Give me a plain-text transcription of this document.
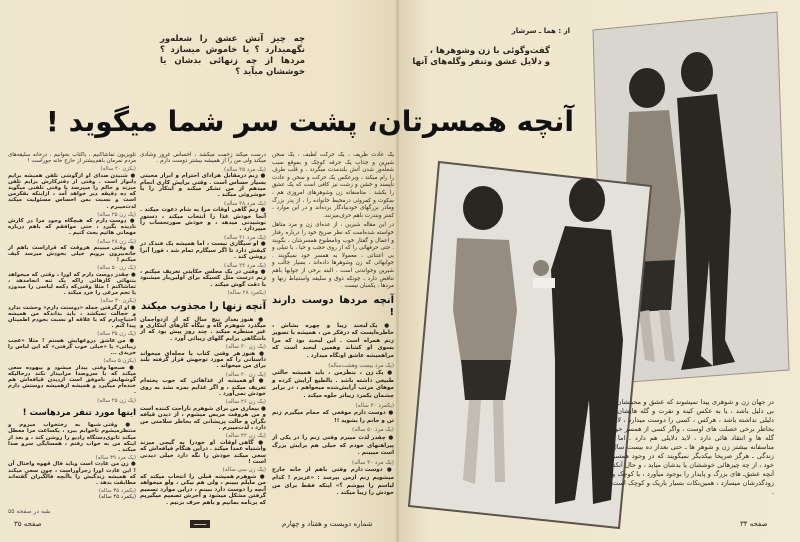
از : هما ـ سرشار
گفت‌وگوئی با زن وشوهرها ،
و دلایل عشق وتنفر وگله‌های آنها
چه چیز آتش عشق را شعله‌ور نگهمیدارد ؟ یا خاموش میسازد ؟ مردها از چه زنهائی بدشان یا خوششان میآید ؟
آنچه همسرتان، پشت سر شما میگوید !
یک عادت ظریف ، یک حرکت لطیف ، یک سخن شیرین و جذاب یک جرقه کوچک و بموقع سبب شعله‌ور شدن آتش بلندمدت میگردد ، و قلب طرف را رام میکند ، وبرعکس یک حرکت و سخن و عادت ناپسند و خشن و زشت نیز کافی است که یک عشق را بکشد . متاسفانه زن وشوهرهای امروزی هم ، سکوت و کمروئی درمحیط خانواده را ، از پدر بزرگ ومادر بزرگهای خودبیادگار برده‌اند و در این موارد ، کمتر وبندرت باهم حرف‌میزنند.
در این مقاله شیرین ، از عده‌ای زن و مرد متاهل خواسته شده‌است که نظر صریح خود را درباره رفتار و اعمال و گفتار خوب ونامطبوع همسرشان ، بگویند . حتی حرفهائی را که از روی حجب و حیا ، یا تنبلی و بی اعتنائی ، معمولا به همسر خود نمیگویند . جوابهائی که زن وشوهرها داده‌اند ، بسیار جالب و شیرین وخواندنی است . البته برخی از جوابها باهم تناقض دارد ، چونکه ذوق و سلیقه واستنباط زنها و مردها ، یکسان نیست .
آنچه مردها دوست دارند !
● یک لبخند زیبا و چهره بشاش ، خاطره‌ایست که درفکر من ، همیشه با تصویر زنم همراه است . این لبخند بود که مرا بسوی او کشاند وهمین لبخند است که مراهمیشه عاشق اونگاه میدارد .
(یک مرد بیست وهشت‌ساله)
● یک زن ، بنظرمن ، باید همیشه حالتی طبیعی داشته باشد . بالطبع آرایش کرده و موهای مرتب آرایش‌شده میخواهم ، در برابر چشمان یکمرد زیباتر جلوه میکند .
(یکمرد ۴۰ ساله)
● دوست دارم موقعی که حمام میگیرم زنم تن و جانم را بشوید !!
(یک مرد ۵۰ ساله)
● چقدر لذت میبرم وقتی زنم را در یکی از پیراهنهای خودم که خیلی هم برایش بزرگ است میبینم .
(یک مرد ۳۰ ساله)
● دوست دارم وقتی باهم از خانه خارج میشویم زنم ازمن بپرسد : «عزیزم ! کدام لباسم را بپوشم ؟» اینکه فقط برای من خودش را زیبا میکند .
درست میکند زحمت میکشد ، احساس غرور وشادی میکند ولی من را از همیشه بیشتر دوست دارم .
(یک مرد ۳۵ ساله)
● زنم درمقابل هرادای احترام و ابراز محبتی بسیار حساس است . وقتی برایش کاری انجام میدهم از من تشکر میکند و اینکار را با خوشروئی میکند .
(یک مرد ۳۸ ساله)
● زنم گاهی اوقات مرا به شام دعوت میکند . آنجا خودش غذا را انتخاب میکند ، دستور نوشیدنی میدهد ، و خودش صورتحساب را میپردازد .
(یک مرد ۳۱ ساله)
● او سیگاری نیست ، اما همیشه یک فندک در کیفش دارد تا اگر سیگارم تمام شد ، فورا آنرا روشن کند .
(یک مرد ۳۳ ساله)
● وقتی در یک مجلس حکایتی تعریف میکنم ، زنم درست مثل کسیکه برای اولین‌بار میشنود با دقت گوش میکند .
(یکمرد ۲۸ ساله)
آنچه زنها را مجذوب میکند
● هنوز بعداز پنج سال که از ازدواجمان میگذرد شوهرم گاه و بیگاه کارهای ابتکاری و غیر منتظره میکند . چند روز پیش بود که از باشگاهی برایم گلهای زیبائی آورد .
(یک زن ۳۰ ساله)
● هنوز هر وقتی کتاب یا مجله‌ای میخواند داستانی را که مورد توجهش قرار گرفته بلند برای من میخواند .
(یک زن ۲۰ ساله)
● او همیشه از غذاهائی که خوب پخته‌ام تعریف میکند ، و اگر غذایم بمزه نشد به روی خودش نمی‌آورد .
(یک زن ۲۶ ساله)
● بیماری من برای شوهرم ناراحت کننده است و من هروقت مریض میشوم ، از دیدن قیافه نگران و حالت پریشانی که بخاطر سلامتی من دارد ، لذت‌میبرم .
(یک زن ۴۲ ساله)
● گاهی اوقات او خودرا به گیجی میزند واشتباه عمدا میکند . دراین هنگام قیافه‌اش که سعی میکند خودش را نگه دارد خیلی دیدنی است !
(یک زن سی ساله)
● شوهرم همیشه قبلی را انتخاب میکند که من مایلم ببینم ، ولی هم بیکی ، ولو میخواهد آنچه را دوست دارد ببینم ، دراین موارد تصمیم گرفتن مشکل میشود و آخرش تصمیم میگیریم که برنامه بمانیم و باهم حرف بزنیم .
تلویزیون تماشاکنیم ، یاکتاب بخوانیم ، درخانه سلیقه‌های مردم نمرمان باهم‌بیشتر از خارج خانه جوراست !
(یکزن ۲۰ ساله)
● شنیدن صدای او ازگوشی تلفن همیشه برایم دلنواز است . وقتی از دفترکارش برایم تلفن میزند و حالم را میپرسد یا وقتی تلفنی میگوید که ده دقیقه دیر خواهد آمد ، ازاینکه بفکرمن است و نسبت بمن احساس مسئولیت میکند لذت‌میبرم .
(یک زن ۲۵ ساله)
● دوست دارم که هیچگاه وجود مرا در کارش نادیده بگیرد ، حتی موافقم که باهم درباره مهمانی هائیم بحث کنیم .
(یک زن ۲۸ ساله)
● وقتی میبینم هروقت که قراراست باهم از خانه‌بیرون برویم خیلی بخودش میرسد کیف میکنم !
(یک زن ۵۰ ساله)
● چقدر دوست دارم که اورا ، وقتی که میخواهد بتنهائی کارهائی راکه یک تنه انجامدهد ، تماشاکنم ! مثلا وقتی‌که دکمه لباسی را میدوزد یا تخم مرغی را خرد میکند .
(یکزن ۳۰ ساله)
● او ازگرفتن جمله «دوستت دارم» وحشت ندارد و خجالت نمیکشد ، باید بداندکه من همیشه احتیاج‌دارم که با علاقه او نسبت بخودم اطمینان پیدا کنم .
(یک زن ۳۵ ساله)
● من عاشق دروغهایش هستم ! مثلا «عجب زیبائی» یا «خیلی خوب گرفتی» که این لباس را خریدی ...
(یکزن ۵ ساله)
● صبحها وقتی بیدار میشود و بیهوده سعی میکند که با سروصدا مرابیدار نکند درحالیکه گوشهایش ناموفق است ازدیدن قیافه‌اش هم خنده‌ام میگیرد و همیشه ازهمیشه دوستش دارم .
(یک زن ۲۵ ساله)
اینها مورد تنفر مردهاست !
● وقتی شبها به رختخواب میروم و منتظرمیشوم تاخوابم ببرد ، یکساعت مرا معطل میکند تاتوی‌دستگاه رادیو را روشن کند ، و بعد از اینکه من به خواب رفتم ، همسایگی سرو صدا میکند .
(یک مرد ۳۹ ساله)
● زن من عادت است وباید فال قهوه واختال آن ! این عادت اورا زجرآوراست ، چون سعی میکند که همیشه زندگیش را باآنچه فالگیران گفته‌اند مطابقت بدهد .
(یکمرد ۳۵ ساله)
(یکمرد ۴۵ ساله)
در جهان زن و شوهری پیدا نمیشوند که عشق و محبتشان ، بی دلیل باشد ، یا به عکس کینه و نفرت و گله هایشان ، دلیلی نداشته باشد ، هرکس ، کسی را دوست میدارد ، لابد بخاطر برخی خصلت های اوست ، واگر کسی از همسر خود گله ها و انتقاد هائی دارد ، لابد دلایلی هم دارد . اما ، متاسفانه بیشتر زن و شوهر ها ـ حتی بعداز ده بیست سال زندگی ـ هرگز صریحا بیکدیگر نمیگویند که در وجود همسر خود ، از چه چیزهائی خوششان یا بدشان میاید ، و حال آنکه آنچه عشق‌ـ های بزرگ و پایدار را بوجود میآورد ، یا کوچک و زودگذرشان میسازد ، همین‌نکات بسیار باریک و کوچک است .
بقیه در صفحه ۵۵
صفحه ۳۵	ــــــ	شماره دویست و هفتاد و چهارم	صفحه ۳۴
